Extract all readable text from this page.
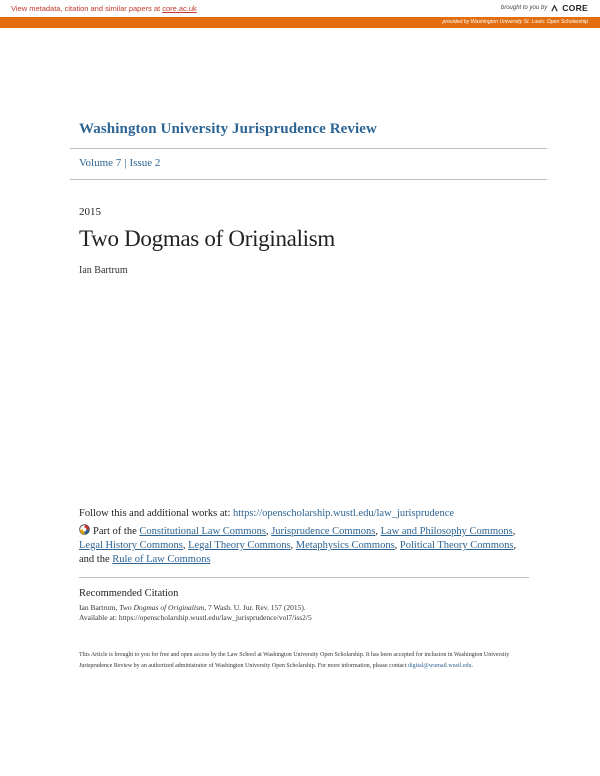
View metadata, citation and similar papers at core.ac.uk	brought to you by CORE
provided by Washington University St. Louis: Open Scholarship
Washington University Jurisprudence Review
Volume 7 | Issue 2
2015
Two Dogmas of Originalism
Ian Bartrum
Follow this and additional works at: https://openscholarship.wustl.edu/law_jurisprudence
Part of the Constitutional Law Commons, Jurisprudence Commons, Law and Philosophy Commons, Legal History Commons, Legal Theory Commons, Metaphysics Commons, Political Theory Commons, and the Rule of Law Commons
Recommended Citation
Ian Bartrum, Two Dogmas of Originalism, 7 Wash. U. Jur. Rev. 157 (2015).
Available at: https://openscholarship.wustl.edu/law_jurisprudence/vol7/iss2/5
This Article is brought to you for free and open access by the Law School at Washington University Open Scholarship. It has been accepted for inclusion in Washington University Jurisprudence Review by an authorized administrator of Washington University Open Scholarship. For more information, please contact digital@wumail.wustl.edu.
